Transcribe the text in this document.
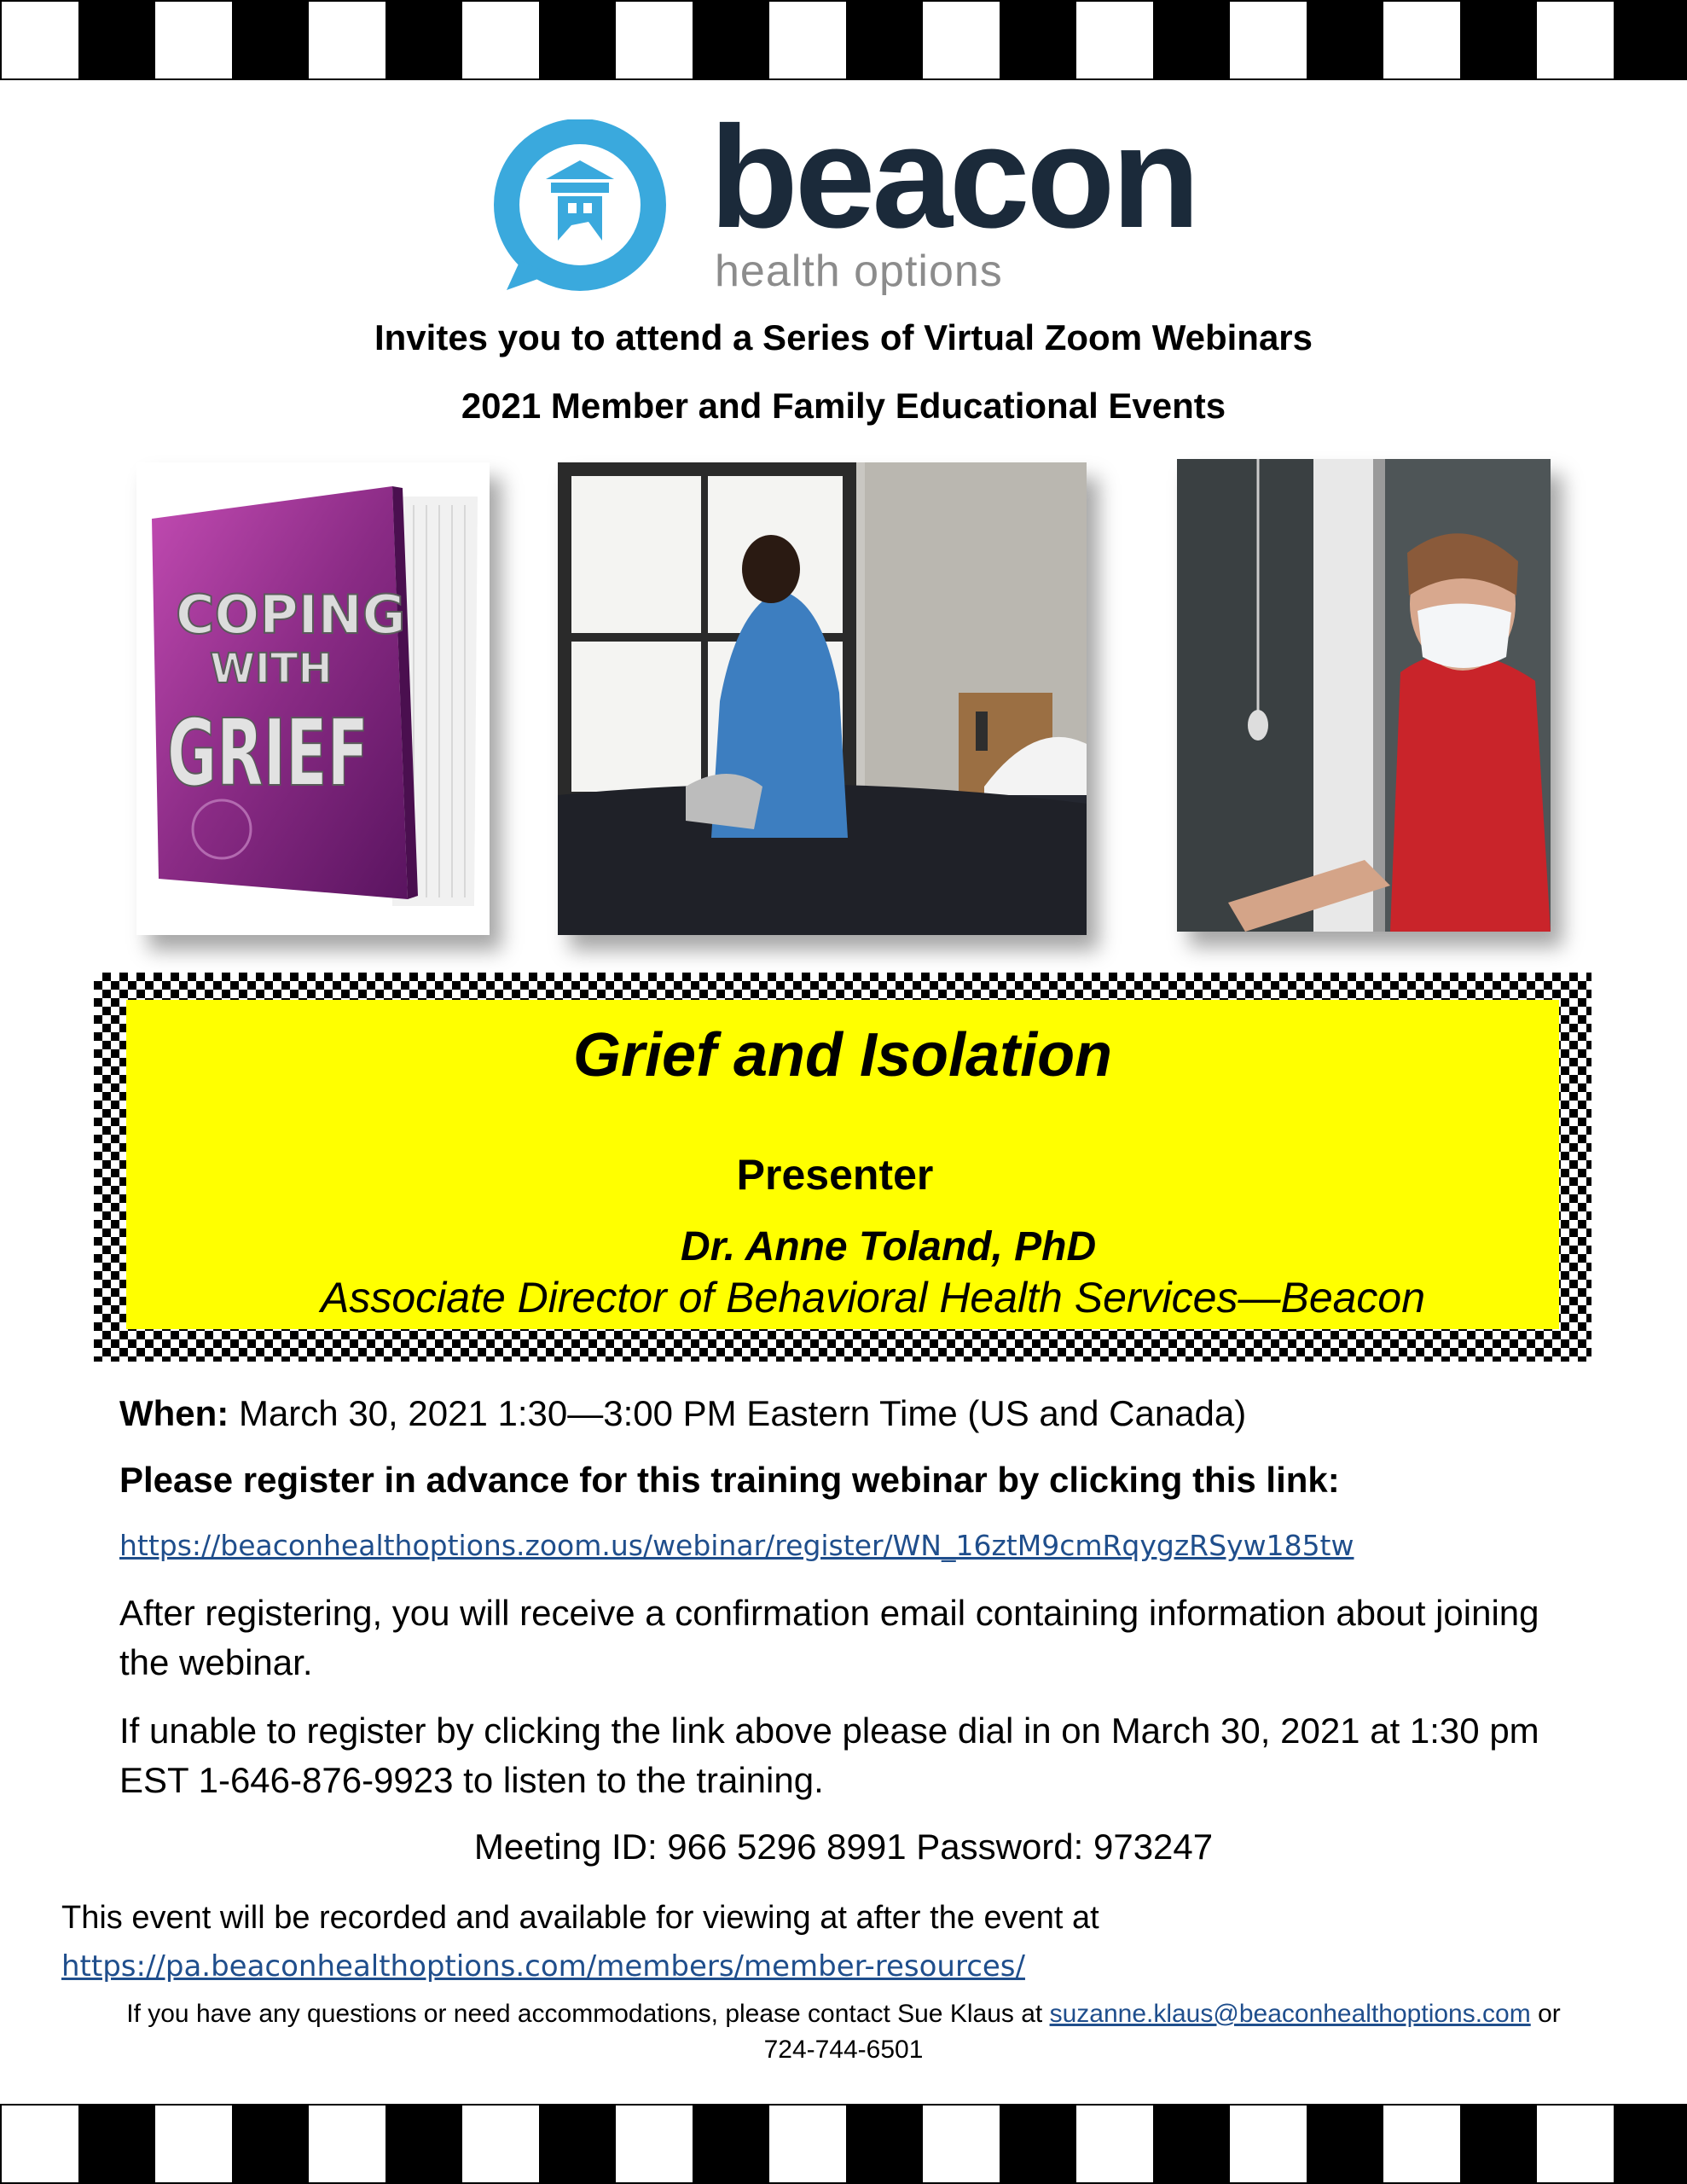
beacon
health options
Invites you to attend a Series of Virtual Zoom Webinars
2021 Member and Family Educational Events
COPING
WITH
GRIEF
Grief and Isolation
Presenter
Dr. Anne Toland, PhD
Associate Director of Behavioral Health Services—Beacon
When: March 30, 2021 1:30—3:00 PM Eastern Time (US and Canada)
Please register in advance for this training webinar by clicking this link:
https://beaconhealthoptions.zoom.us/webinar/register/WN_16ztM9cmRqygzRSyw185tw
After registering, you will receive a confirmation email containing information about joining the webinar.
If unable to register by clicking the link above please dial in on March 30, 2021 at 1:30 pm EST 1-646-876-9923 to listen to the training.
Meeting ID: 966 5296 8991 Password: 973247
This event will be recorded and available for viewing at after the event at https://pa.beaconhealthoptions.com/members/member-resources/
If you have any questions or need accommodations, please contact Sue Klaus at suzanne.klaus@beaconhealthoptions.com or
724-744-6501
